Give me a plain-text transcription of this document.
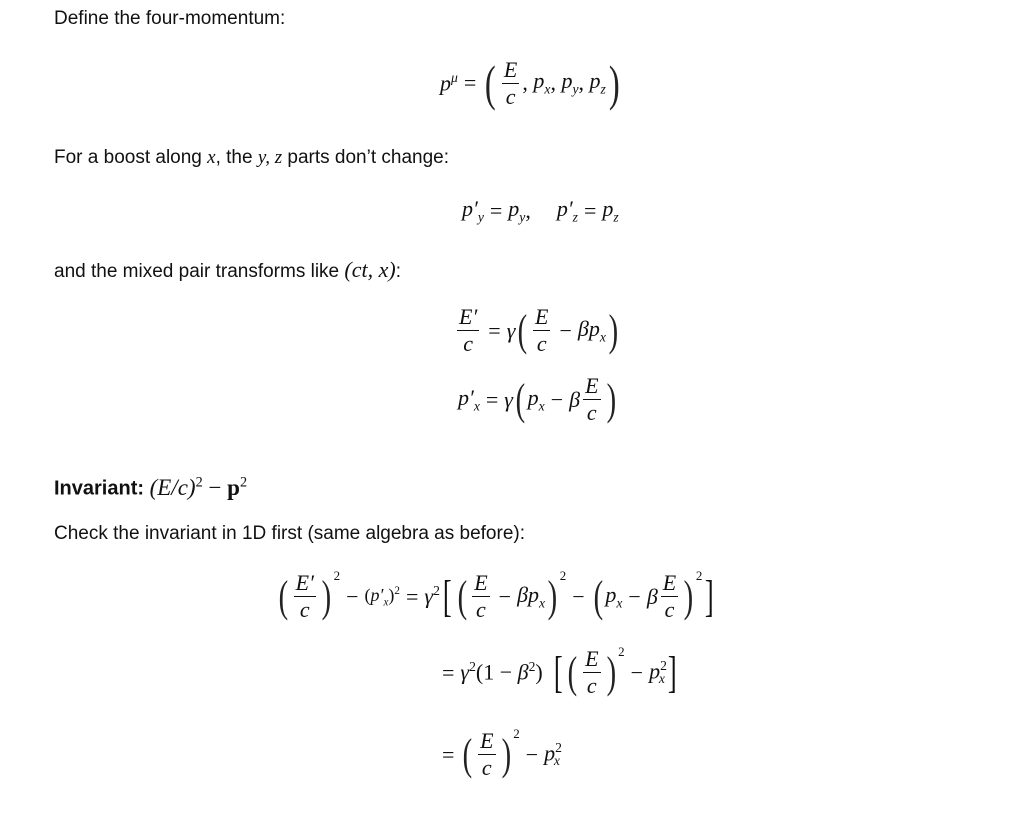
Define the four-momentum:
$p^\mu$ = ( $\frac{E}{c}$ , $p_x$ , $p_y$ , $p_z$ )
For a boost along x, the y, z parts don’t change:
$p'_y = p_y$ , $p'_z = p_z$
and the mixed pair transforms like (ct, x):
$\frac{E'}{c} = \gamma$ ( $\frac{E}{c} - \beta p_x$ )
$p'_x = \gamma$ ( $p_x - \beta \frac{E}{c}$ )
Invariant: $(E/c)^2 - p^2$
Check the invariant in 1D first (same algebra as before):
( $\frac{E'}{c}$ ) 2
− $(p'_x)^2 = \gamma^2$ [ ( $\frac{E}{c} - \beta p_x$ ) 2
− ( $p_x - \beta \frac{E}{c}$ ) 2 ]
= $\gamma^2(1 - \beta^2)$ [ ( $\frac{E}{c}$ ) 2
− $p^2_x$ ]
= ( $\frac{E}{c}$ ) 2
− $p^2_x$
